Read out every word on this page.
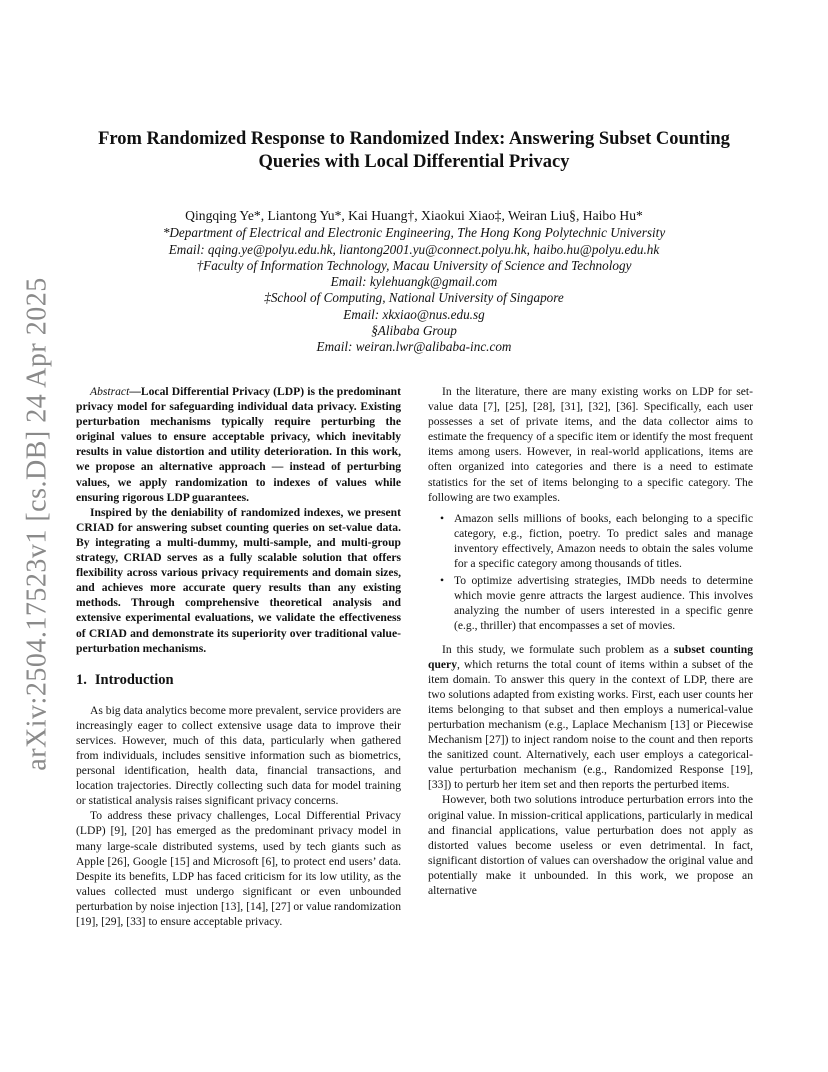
arXiv:2504.17523v1 [cs.DB] 24 Apr 2025
From Randomized Response to Randomized Index: Answering Subset Counting Queries with Local Differential Privacy
Qingqing Ye*, Liantong Yu*, Kai Huang†, Xiaokui Xiao‡, Weiran Liu§, Haibo Hu*
*Department of Electrical and Electronic Engineering, The Hong Kong Polytechnic University
Email: qqing.ye@polyu.edu.hk, liantong2001.yu@connect.polyu.hk, haibo.hu@polyu.edu.hk
†Faculty of Information Technology, Macau University of Science and Technology
Email: kylehuangk@gmail.com
‡School of Computing, National University of Singapore
Email: xkxiao@nus.edu.sg
§Alibaba Group
Email: weiran.lwr@alibaba-inc.com

Abstract—Local Differential Privacy (LDP) is the predominant privacy model for safeguarding individual data privacy. Existing perturbation mechanisms typically require perturbing the original values to ensure acceptable privacy, which inevitably results in value distortion and utility deterioration. In this work, we propose an alternative approach — instead of perturbing values, we apply randomization to indexes of values while ensuring rigorous LDP guarantees.

Inspired by the deniability of randomized indexes, we present CRIAD for answering subset counting queries on set-value data. By integrating a multi-dummy, multi-sample, and multi-group strategy, CRIAD serves as a fully scalable solution that offers flexibility across various privacy requirements and domain sizes, and achieves more accurate query results than any existing methods. Through comprehensive theoretical analysis and extensive experimental evaluations, we validate the effectiveness of CRIAD and demonstrate its superiority over traditional value-perturbation mechanisms.

1. Introduction

As big data analytics become more prevalent, service providers are increasingly eager to collect extensive usage data to improve their services. However, much of this data, particularly when gathered from individuals, includes sensitive information such as biometrics, personal identification, health data, financial transactions, and location trajectories. Directly collecting such data for model training or statistical analysis raises significant privacy concerns.

To address these privacy challenges, Local Differential Privacy (LDP) [9], [20] has emerged as the predominant privacy model in many large-scale distributed systems, used by tech giants such as Apple [26], Google [15] and Microsoft [6], to protect end users’ data. Despite its benefits, LDP has faced criticism for its low utility, as the values collected must undergo significant or even unbounded perturbation by noise injection [13], [14], [27] or value randomization [19], [29], [33] to ensure acceptable privacy.

In the literature, there are many existing works on LDP for set-value data [7], [25], [28], [31], [32], [36]. Specifically, each user possesses a set of private items, and the data collector aims to estimate the frequency of a specific item or identify the most frequent items among users. However, in real-world applications, items are often organized into categories and there is a need to estimate statistics for the set of items belonging to a specific category. The following are two examples.

• Amazon sells millions of books, each belonging to a specific category, e.g., fiction, poetry. To predict sales and manage inventory effectively, Amazon needs to obtain the sales volume for a specific category among thousands of titles.
• To optimize advertising strategies, IMDb needs to determine which movie genre attracts the largest audience. This involves analyzing the number of users interested in a specific genre (e.g., thriller) that encompasses a set of movies.

In this study, we formulate such problem as a subset counting query, which returns the total count of items within a subset of the item domain. To answer this query in the context of LDP, there are two solutions adapted from existing works. First, each user counts her items belonging to that subset and then employs a numerical-value perturbation mechanism (e.g., Laplace Mechanism [13] or Piecewise Mechanism [27]) to inject random noise to the count and then reports the sanitized count. Alternatively, each user employs a categorical-value perturbation mechanism (e.g., Randomized Response [19], [33]) to perturb her item set and then reports the perturbed items.

However, both two solutions introduce perturbation errors into the original value. In mission-critical applications, particularly in medical and financial applications, value perturbation does not apply as distorted values become useless or even detrimental. In fact, significant distortion of values can overshadow the original value and potentially make it unbounded. In this work, we propose an alternative
